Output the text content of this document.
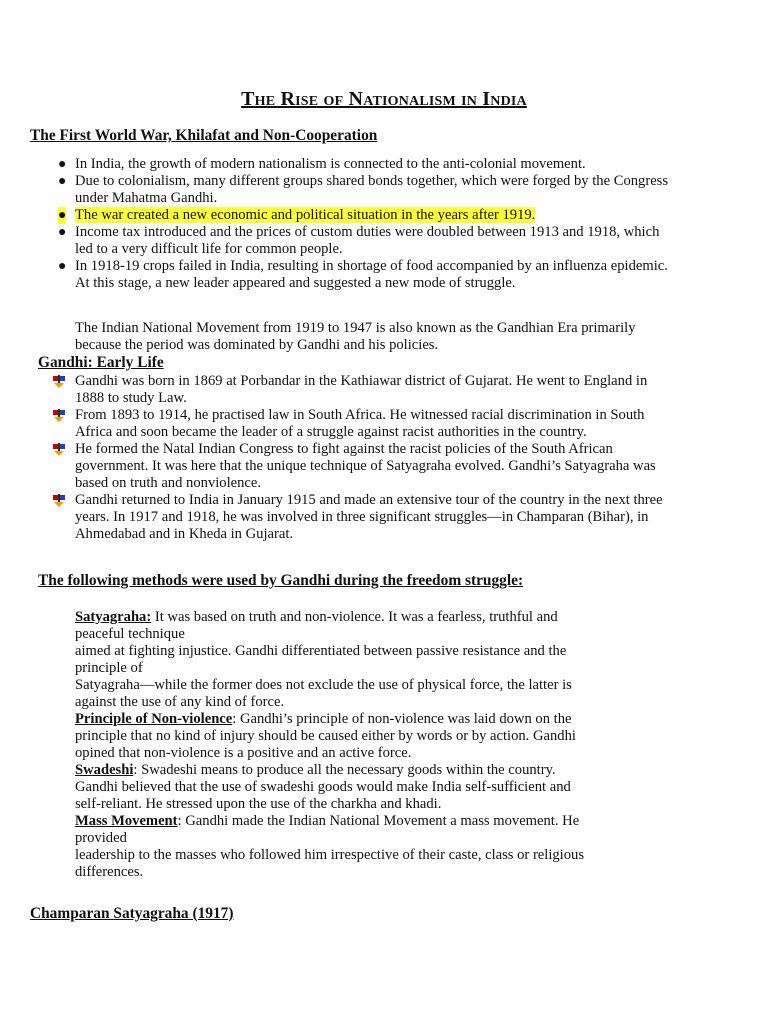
The Rise of Nationalism in India
The First World War, Khilafat and Non-Cooperation
● In India, the growth of modern nationalism is connected to the anti-colonial movement.
● Due to colonialism, many different groups shared bonds together, which were forged by the Congress under Mahatma Gandhi.
● The war created a new economic and political situation in the years after 1919.
● Income tax introduced and the prices of custom duties were doubled between 1913 and 1918, which led to a very difficult life for common people.
● In 1918-19 crops failed in India, resulting in shortage of food accompanied by an influenza epidemic. At this stage, a new leader appeared and suggested a new mode of struggle.
The Indian National Movement from 1919 to 1947 is also known as the Gandhian Era primarily because the period was dominated by Gandhi and his policies.
Gandhi: Early Life
Gandhi was born in 1869 at Porbandar in the Kathiawar district of Gujarat. He went to England in 1888 to study Law.
From 1893 to 1914, he practised law in South Africa. He witnessed racial discrimination in South Africa and soon became the leader of a struggle against racist authorities in the country.
He formed the Natal Indian Congress to fight against the racist policies of the South African government. It was here that the unique technique of Satyagraha evolved. Gandhi’s Satyagraha was based on truth and nonviolence.
Gandhi returned to India in January 1915 and made an extensive tour of the country in the next three years. In 1917 and 1918, he was involved in three significant struggles—in Champaran (Bihar), in Ahmedabad and in Kheda in Gujarat.
The following methods were used by Gandhi during the freedom struggle:
Satyagraha: It was based on truth and non-violence. It was a fearless, truthful and
peaceful technique
aimed at fighting injustice. Gandhi differentiated between passive resistance and the
principle of
Satyagraha—while the former does not exclude the use of physical force, the latter is
against the use of any kind of force.
Principle of Non-violence: Gandhi’s principle of non-violence was laid down on the
principle that no kind of injury should be caused either by words or by action. Gandhi
opined that non-violence is a positive and an active force.
Swadeshi: Swadeshi means to produce all the necessary goods within the country.
Gandhi believed that the use of swadeshi goods would make India self-sufficient and
self-reliant. He stressed upon the use of the charkha and khadi.
Mass Movement: Gandhi made the Indian National Movement a mass movement. He
provided
leadership to the masses who followed him irrespective of their caste, class or religious
differences.
Champaran Satyagraha (1917)
